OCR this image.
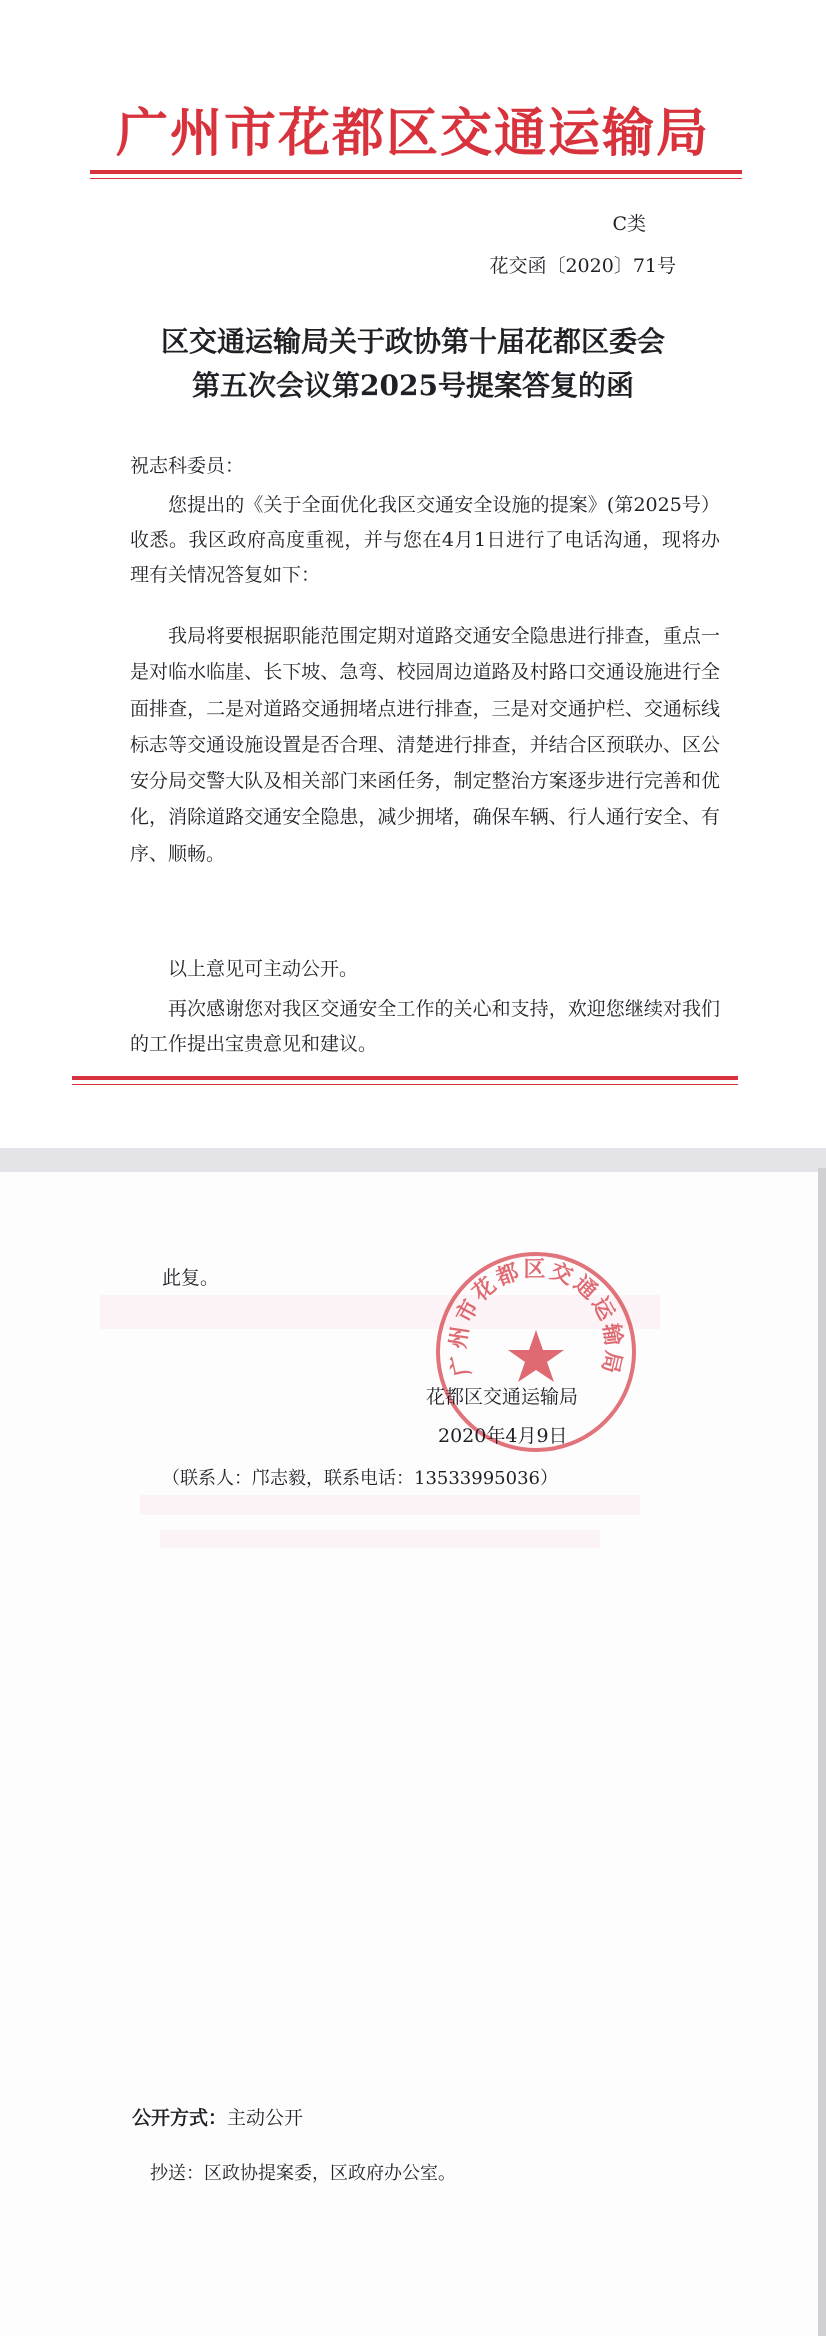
广州市花都区交通运输局
C类
花交函〔2020〕71号
区交通运输局关于政协第十届花都区委会
第五次会议第2025号提案答复的函
祝志科委员：
您提出的《关于全面优化我区交通安全设施的提案》(第2025号）收悉。我区政府高度重视，并与您在4月1日进行了电话沟通，现将办理有关情况答复如下：
我局将要根据职能范围定期对道路交通安全隐患进行排查，重点一是对临水临崖、长下坡、急弯、校园周边道路及村路口交通设施进行全面排查，二是对道路交通拥堵点进行排查，三是对交通护栏、交通标线标志等交通设施设置是否合理、清楚进行排查，并结合区预联办、区公安分局交警大队及相关部门来函任务，制定整治方案逐步进行完善和优化，消除道路交通安全隐患，减少拥堵，确保车辆、行人通行安全、有序、顺畅。
以上意见可主动公开。
再次感谢您对我区交通安全工作的关心和支持，欢迎您继续对我们的工作提出宝贵意见和建议。
此复。
广州市花都区交通运输局
花都区交通运输局
2020年4月9日
（联系人：邝志毅，联系电话：13533995036）
公开方式：主动公开
抄送：区政协提案委，区政府办公室。
